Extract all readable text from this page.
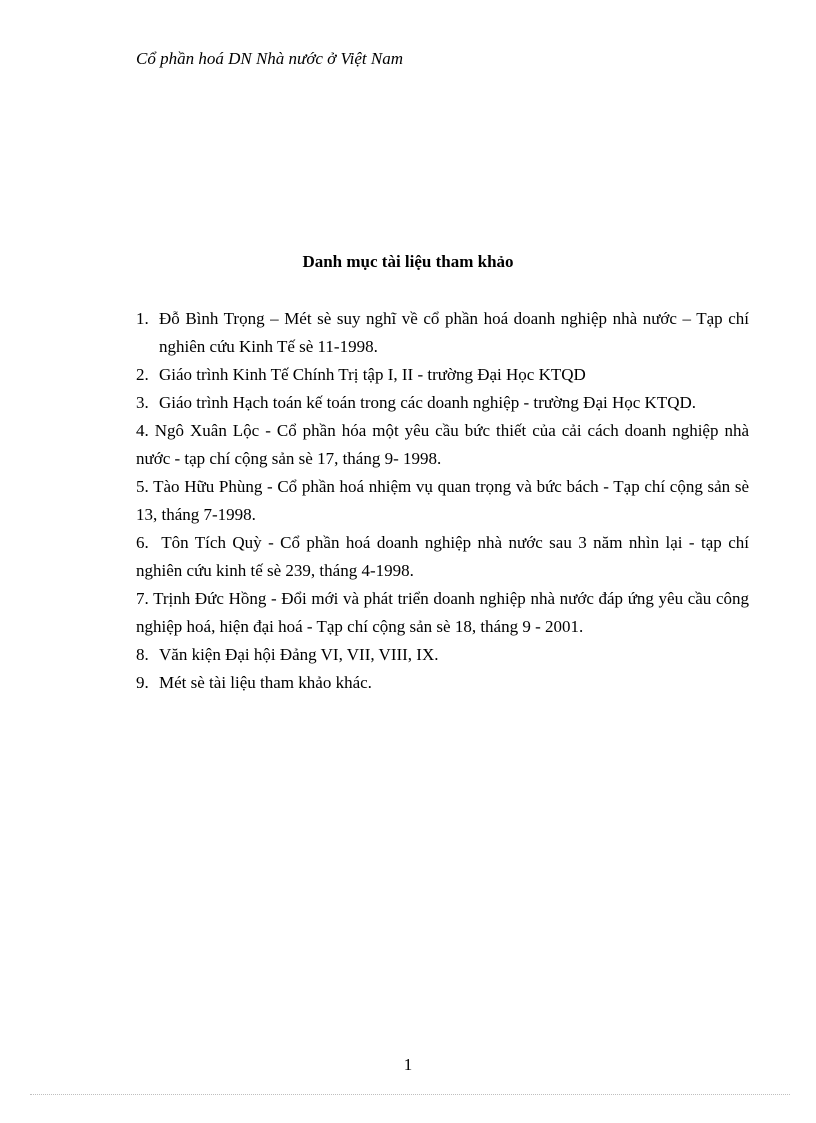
Cổ phần hoá DN Nhà nước ở Việt Nam
Danh mục tài liệu tham khảo
1. Đỗ Bình Trọng – Mét sè suy nghĩ về cổ phần hoá doanh nghiệp nhà nước – Tạp chí nghiên cứu Kinh Tế sè 11-1998.
2. Giáo trình Kinh Tế Chính Trị tập I, II - trường Đại Học KTQD
3. Giáo trình Hạch toán kế toán trong các doanh nghiệp - trường Đại Học KTQD.
4. Ngô Xuân Lộc - Cổ phần hóa một yêu cầu bức thiết của cải cách doanh nghiệp nhà nước - tạp chí cộng sản sè 17, tháng 9- 1998.
5. Tào Hữu Phùng - Cổ phần hoá nhiệm vụ quan trọng và bức bách - Tạp chí cộng sản sè 13, tháng 7-1998.
6. Tôn Tích Quỳ - Cổ phần hoá doanh nghiệp nhà nước sau 3 năm nhìn lại - tạp chí nghiên cứu kinh tế sè 239, tháng 4-1998.
7. Trịnh Đức Hồng - Đổi mới và phát triển doanh nghiệp nhà nước đáp ứng yêu cầu công nghiệp hoá, hiện đại hoá - Tạp chí cộng sản sè 18, tháng 9 - 2001.
8. Văn kiện Đại hội Đảng VI, VII, VIII, IX.
9. Mét sè tài liệu tham khảo khác.
1
